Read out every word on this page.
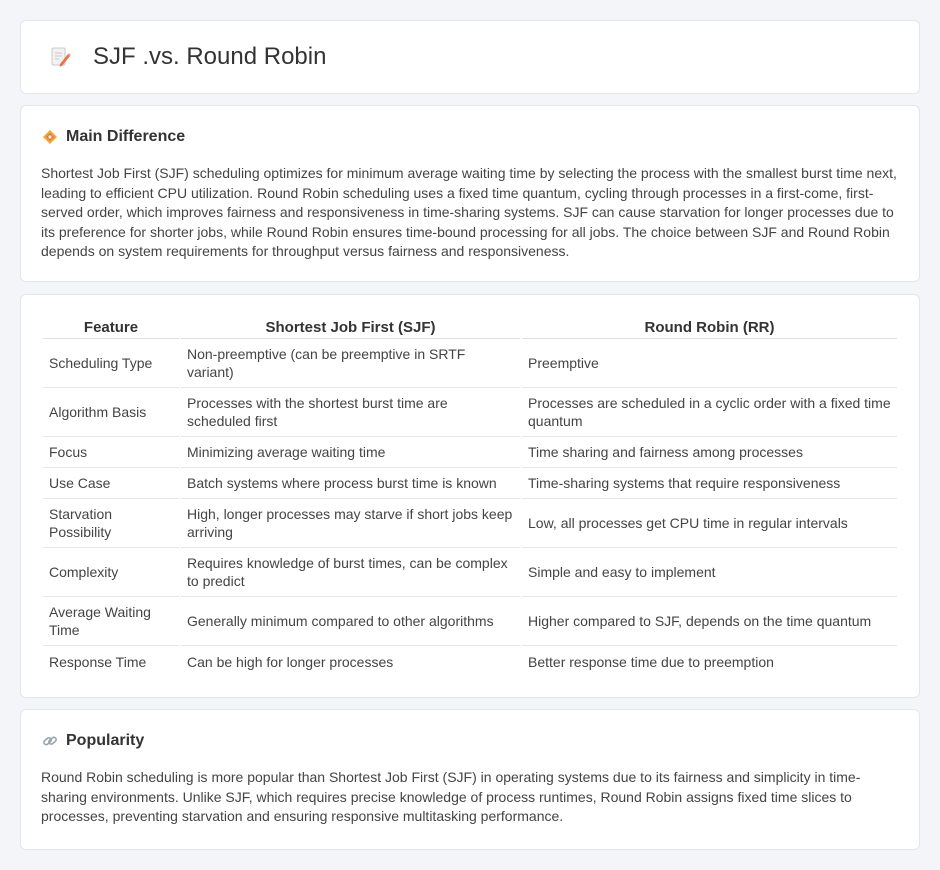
SJF .vs. Round Robin
Main Difference

Shortest Job First (SJF) scheduling optimizes for minimum average waiting time by selecting the process with the smallest burst time next, leading to efficient CPU utilization. Round Robin scheduling uses a fixed time quantum, cycling through processes in a first-come, first-served order, which improves fairness and responsiveness in time-sharing systems. SJF can cause starvation for longer processes due to its preference for shorter jobs, while Round Robin ensures time-bound processing for all jobs. The choice between SJF and Round Robin depends on system requirements for throughput versus fairness and responsiveness.

Feature	Shortest Job First (SJF)	Round Robin (RR)
Scheduling Type	Non-preemptive (can be preemptive in SRTF variant)	Preemptive
Algorithm Basis	Processes with the shortest burst time are scheduled first	Processes are scheduled in a cyclic order with a fixed time quantum
Focus	Minimizing average waiting time	Time sharing and fairness among processes
Use Case	Batch systems where process burst time is known	Time-sharing systems that require responsiveness
Starvation Possibility	High, longer processes may starve if short jobs keep arriving	Low, all processes get CPU time in regular intervals
Complexity	Requires knowledge of burst times, can be complex to predict	Simple and easy to implement
Average Waiting Time	Generally minimum compared to other algorithms	Higher compared to SJF, depends on the time quantum
Response Time	Can be high for longer processes	Better response time due to preemption
Popularity

Round Robin scheduling is more popular than Shortest Job First (SJF) in operating systems due to its fairness and simplicity in time-sharing environments. Unlike SJF, which requires precise knowledge of process runtimes, Round Robin assigns fixed time slices to processes, preventing starvation and ensuring responsive multitasking performance.
